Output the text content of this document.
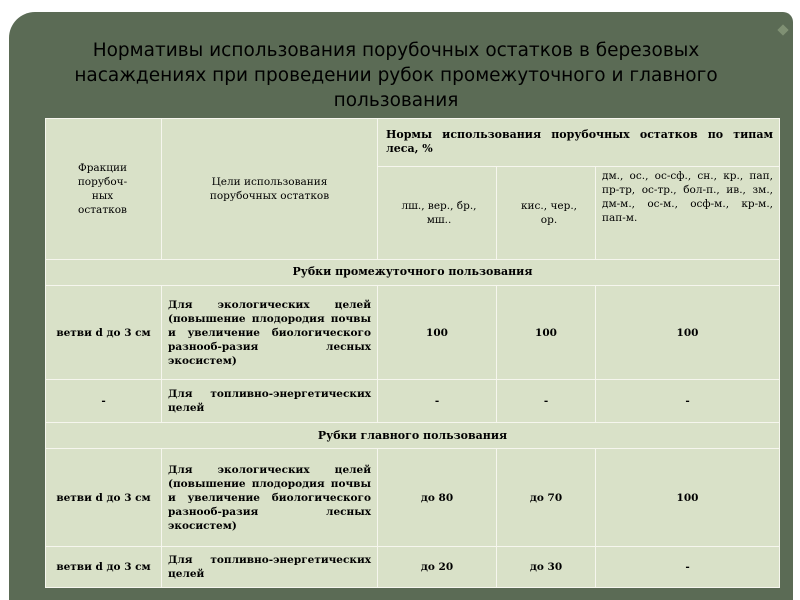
Нормативы использования порубочных остатков в березовых насаждениях при проведении рубок промежуточного и главного пользования
Фракции порубоч-ных остатков	Цели использования порубочных остатков	Нормы использования порубочных остатков по типам леса, %		
		лш., вер., бр., мш..	кис., чер., ор.	дм., ос., ос-сф., сн., кр., пап, пр-тр, ос-тр., бол-п., ив., зм., дм-м., ос-м., осф-м., кр-м., пап-м.
Рубки промежуточного пользования				
ветви d до 3 см	Для экологических целей (повышение плодородия почвы и увеличение биологического разнооб-разия лесных экосистем)	100	100	100
-	Для топливно-энергетических целей	-	-	-
Рубки главного пользования				
ветви d до 3 см	Для экологических целей (повышение плодородия почвы и увеличение биологического разнооб-разия лесных экосистем)	до 80	до 70	100
ветви d до 3 см	Для топливно-энергетических целей	до 20	до 30	-
